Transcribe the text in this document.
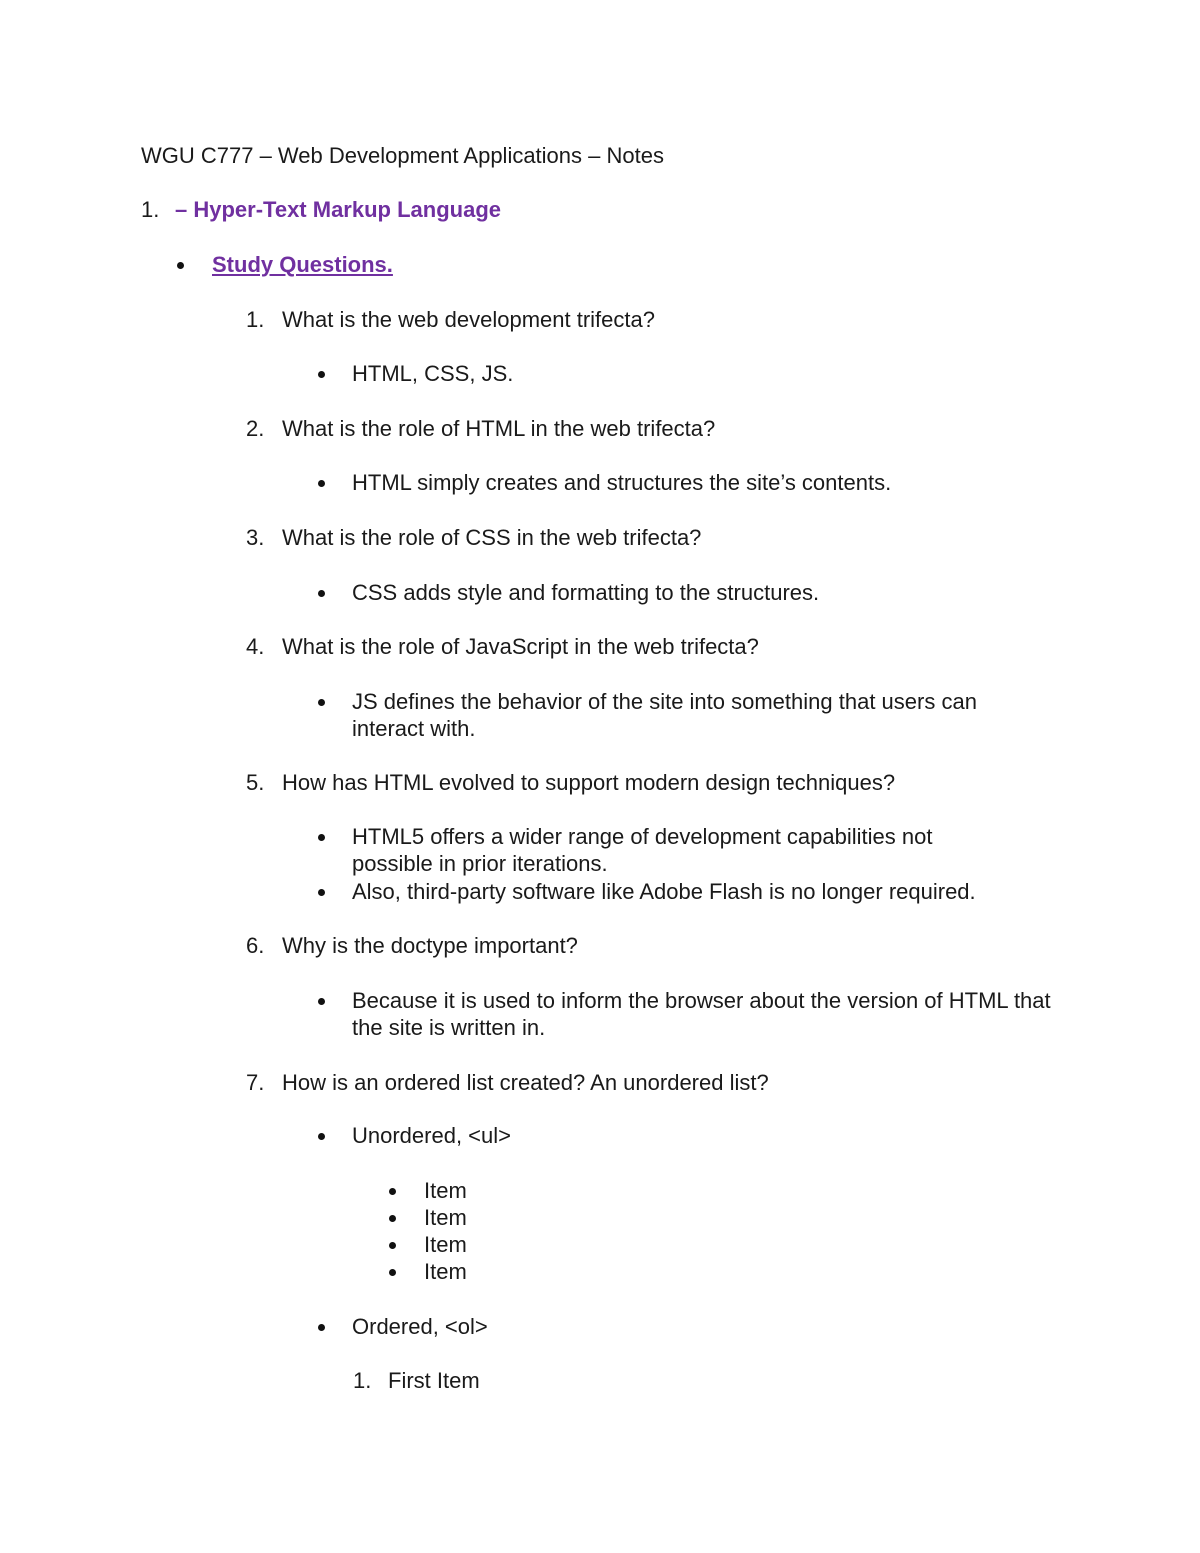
WGU C777 – Web Development Applications – Notes
1. – Hyper-Text Markup Language
Study Questions.
1. What is the web development trifecta?
HTML, CSS, JS.
2. What is the role of HTML in the web trifecta?
HTML simply creates and structures the site’s contents.
3. What is the role of CSS in the web trifecta?
CSS adds style and formatting to the structures.
4. What is the role of JavaScript in the web trifecta?
JS defines the behavior of the site into something that users can interact with.
5. How has HTML evolved to support modern design techniques?
HTML5 offers a wider range of development capabilities not possible in prior iterations.
Also, third-party software like Adobe Flash is no longer required.
6. Why is the doctype important?
Because it is used to inform the browser about the version of HTML that the site is written in.
7. How is an ordered list created? An unordered list?
Unordered, <ul>
Item
Item
Item
Item
Ordered, <ol>
1. First Item
